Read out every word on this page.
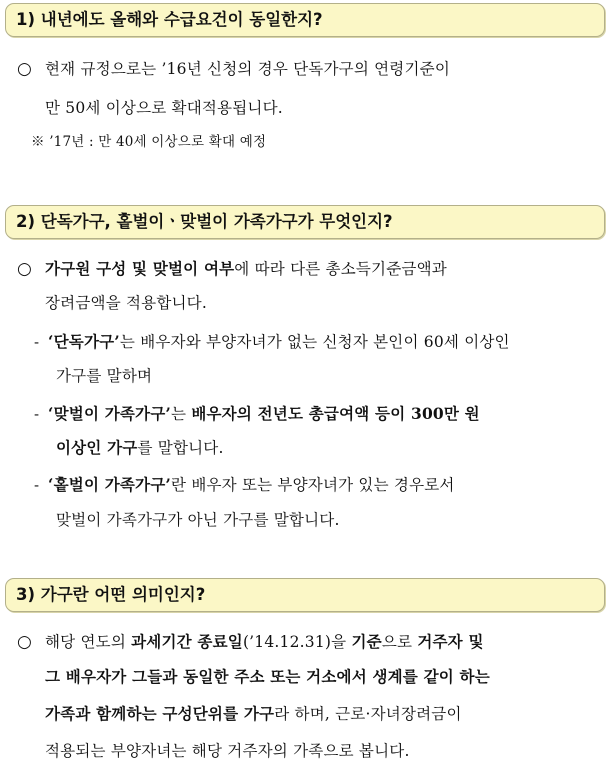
1) 내년에도 올해와 수급요건이 동일한지?
○ 현재 규정으로는 ’16년 신청의 경우 단독가구의 연령기준이
만 50세 이상으로 확대적용됩니다.
※ ’17년 : 만 40세 이상으로 확대 예정
2) 단독가구, 홑벌이ㆍ맞벌이 가족가구가 무엇인지?
○ 가구원 구성 및 맞벌이 여부에 따라 다른 총소득기준금액과
장려금액을 적용합니다.
- ‘단독가구’는 배우자와 부양자녀가 없는 신청자 본인이 60세 이상인
가구를 말하며
- ‘맞벌이 가족가구’는 배우자의 전년도 총급여액 등이 300만 원
이상인 가구를 말합니다.
- ‘홑벌이 가족가구’란 배우자 또는 부양자녀가 있는 경우로서
맞벌이 가족가구가 아닌 가구를 말합니다.
3) 가구란 어떤 의미인지?
○ 해당 연도의 과세기간 종료일(’14.12.31)을 기준으로 거주자 및
그 배우자가 그들과 동일한 주소 또는 거소에서 생계를 같이 하는
가족과 함께하는 구성단위를 가구라 하며, 근로·자녀장려금이
적용되는 부양자녀는 해당 거주자의 가족으로 봅니다.
